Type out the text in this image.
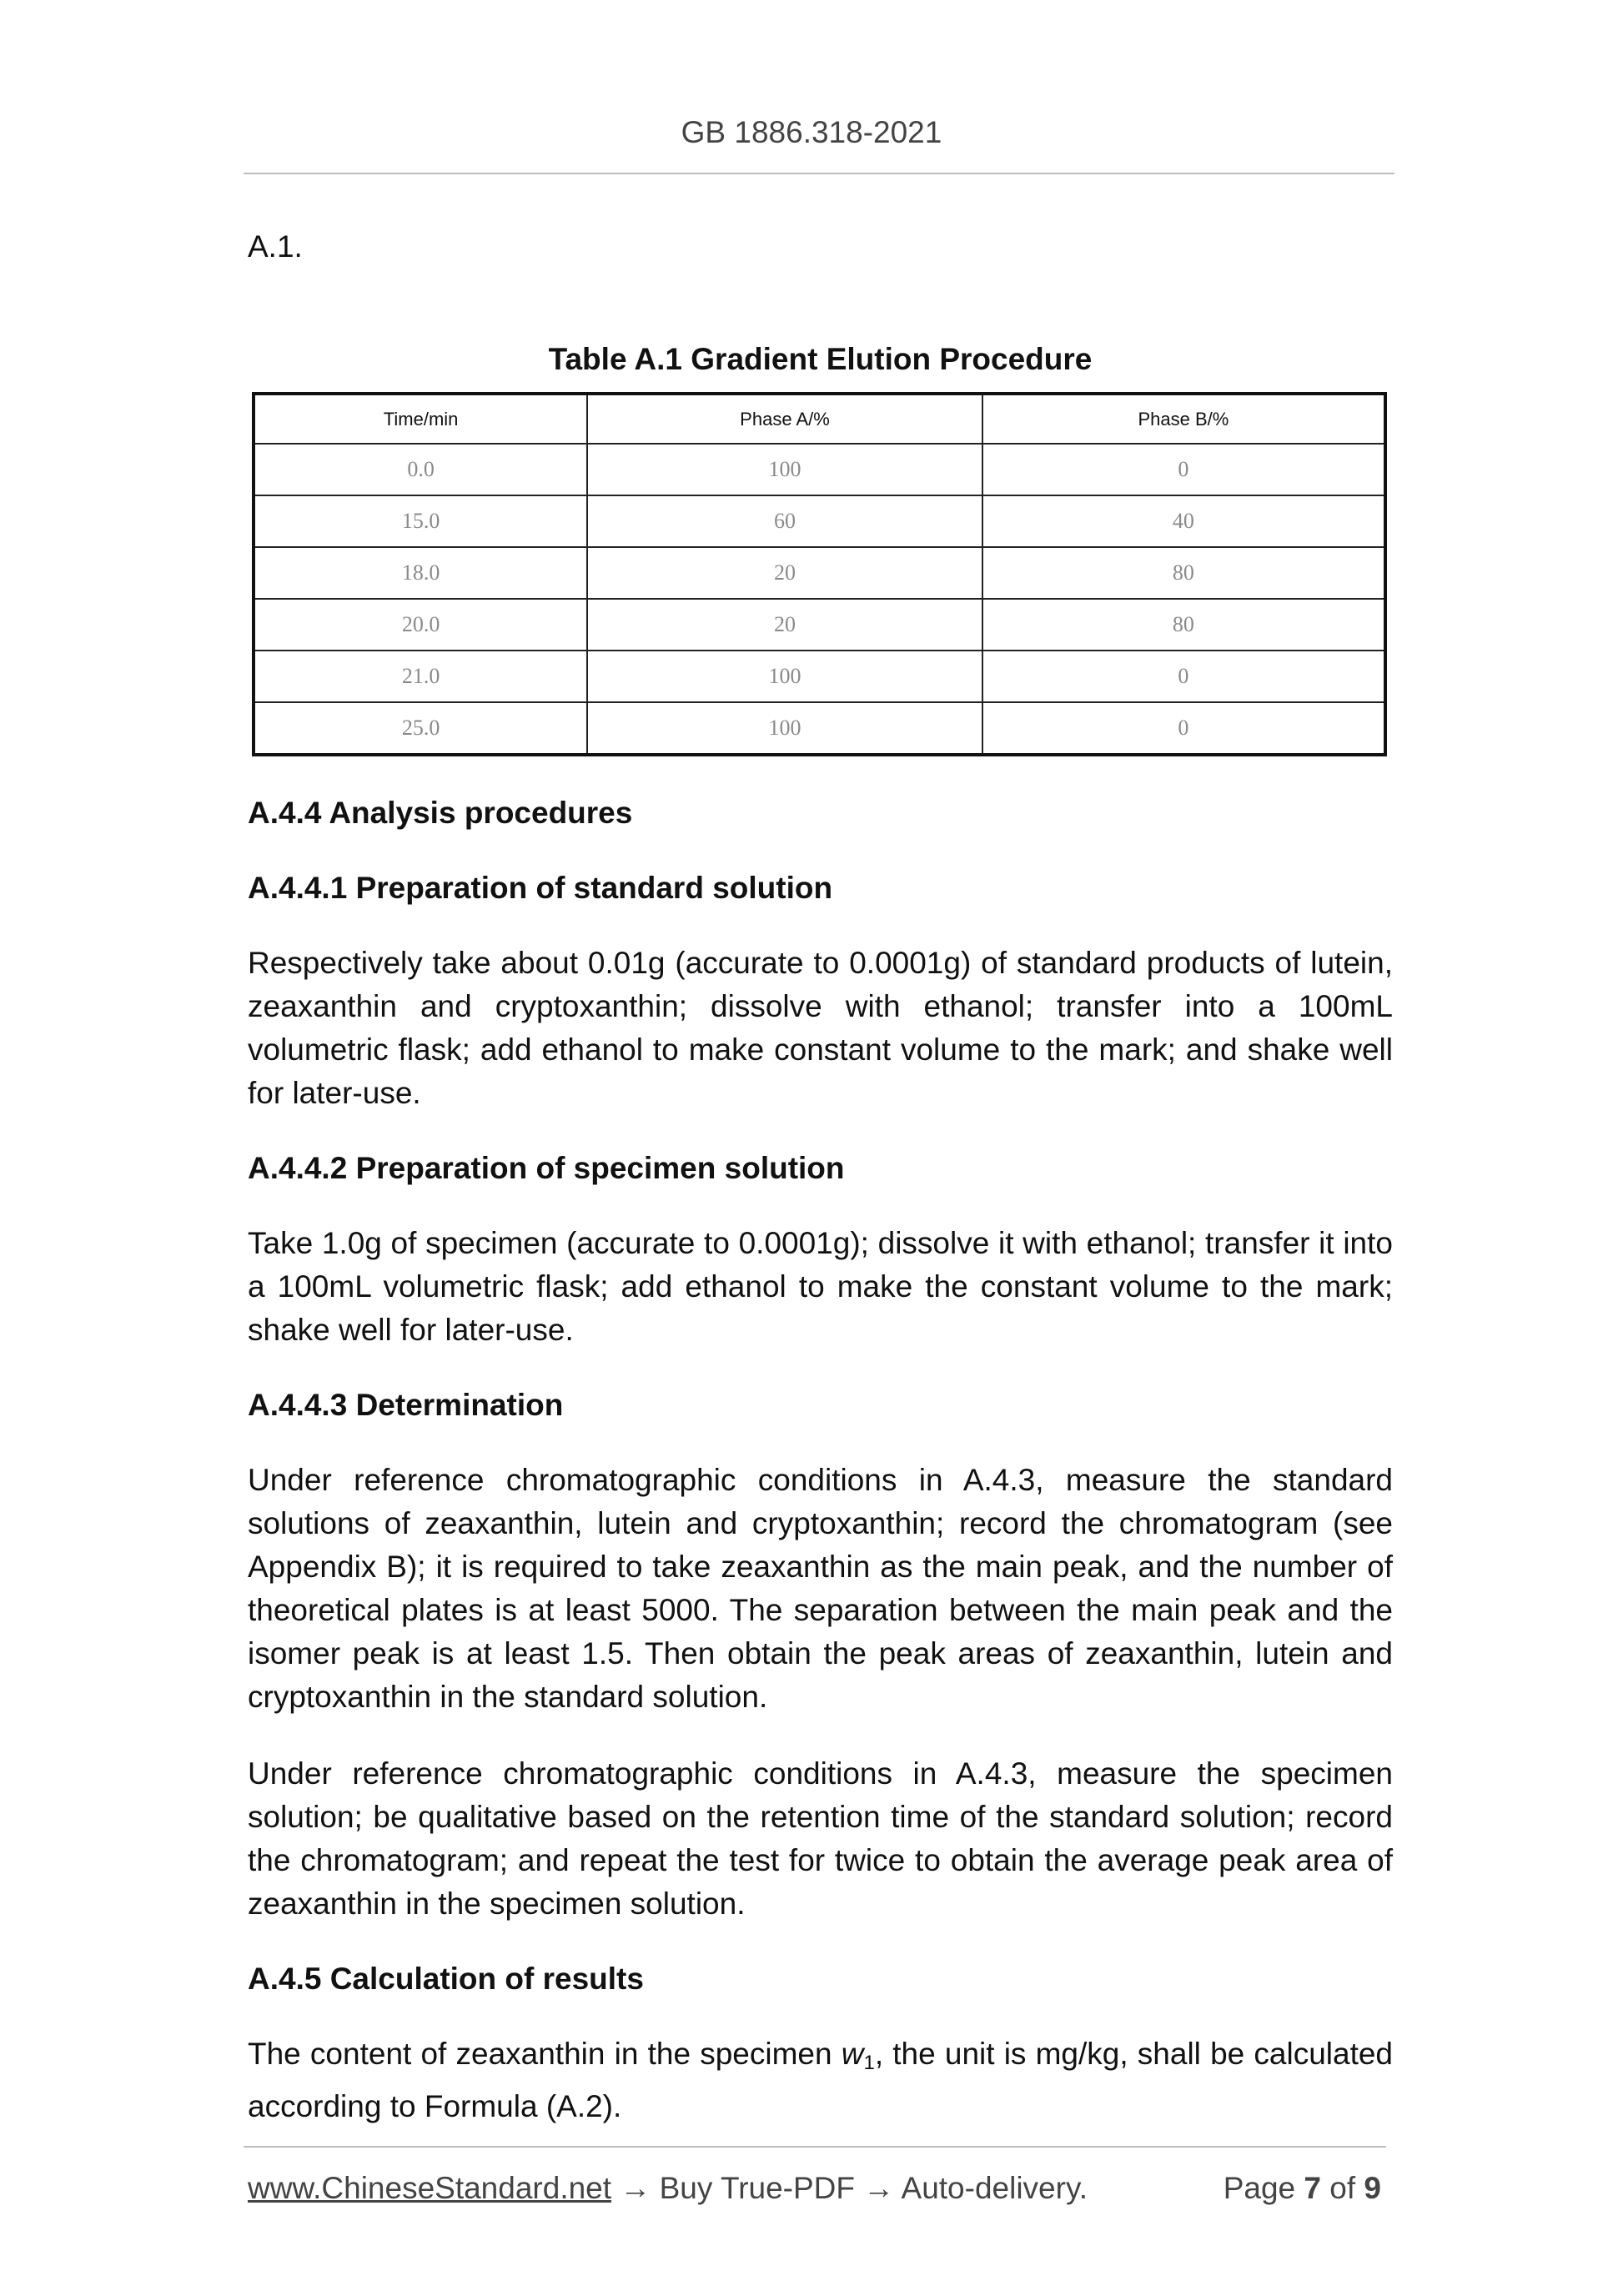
GB 1886.318-2021

A.1.

Table A.1 Gradient Elution Procedure
Time/min	Phase A/%	Phase B/%
0.0	100	0
15.0	60	40
18.0	20	80
20.0	20	80
21.0	100	0
25.0	100	0
A.4.4 Analysis procedures
A.4.4.1 Preparation of standard solution

Respectively take about 0.01g (accurate to 0.0001g) of standard products of lutein, zeaxanthin and cryptoxanthin; dissolve with ethanol; transfer into a 100mL volumetric flask; add ethanol to make constant volume to the mark; and shake well for later-use.

A.4.4.2 Preparation of specimen solution

Take 1.0g of specimen (accurate to 0.0001g); dissolve it with ethanol; transfer it into a 100mL volumetric flask; add ethanol to make the constant volume to the mark; shake well for later-use.

A.4.4.3 Determination

Under reference chromatographic conditions in A.4.3, measure the standard solutions of zeaxanthin, lutein and cryptoxanthin; record the chromatogram (see Appendix B); it is required to take zeaxanthin as the main peak, and the number of theoretical plates is at least 5000. The separation between the main peak and the isomer peak is at least 1.5. Then obtain the peak areas of zeaxanthin, lutein and cryptoxanthin in the standard solution.

Under reference chromatographic conditions in A.4.3, measure the specimen solution; be qualitative based on the retention time of the standard solution; record the chromatogram; and repeat the test for twice to obtain the average peak area of zeaxanthin in the specimen solution.

A.4.5 Calculation of results

The content of zeaxanthin in the specimen $w_1$, the unit is mg/kg, shall be calculated according to Formula (A.2).

www.ChineseStandard.net → Buy True-PDF → Auto-delivery.	Page 7 of 9
